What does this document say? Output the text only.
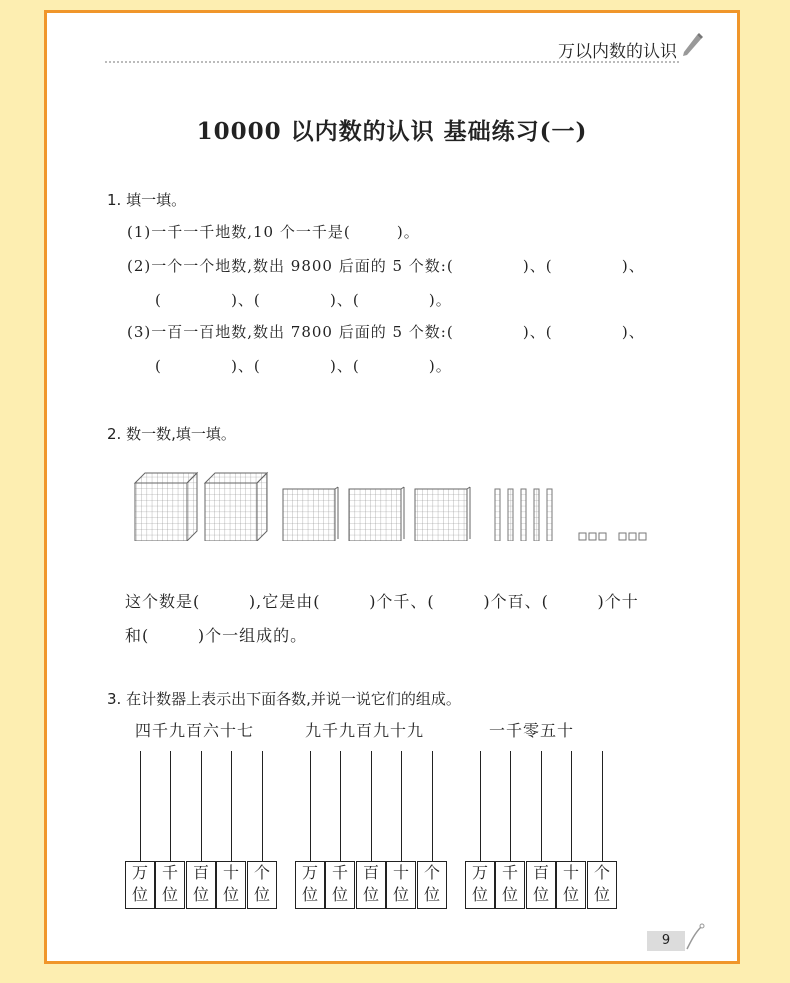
万以内数的认识
10000 以内数的认识 基础练习(一)
1. 填一填。
(1)一千一千地数,10 个一千是(        )。
(2)一个一个地数,数出 9800 后面的 5 个数:(            )、(            )、
(            )、(            )、(            )。
(3)一百一百地数,数出 7800 后面的 5 个数:(            )、(            )、
(            )、(            )、(            )。
2. 数一数,填一填。
这个数是(        ),它是由(        )个千、(        )个百、(        )个十
和(        )个一组成的。
3. 在计数器上表示出下面各数,并说一说它们的组成。
四千九百六十七	九千九百九十九	一千零五十
万
位
千
位
百
位
十
位
个
位
万
位
千
位
百
位
十
位
个
位
万
位
千
位
百
位
十
位
个
位
9
